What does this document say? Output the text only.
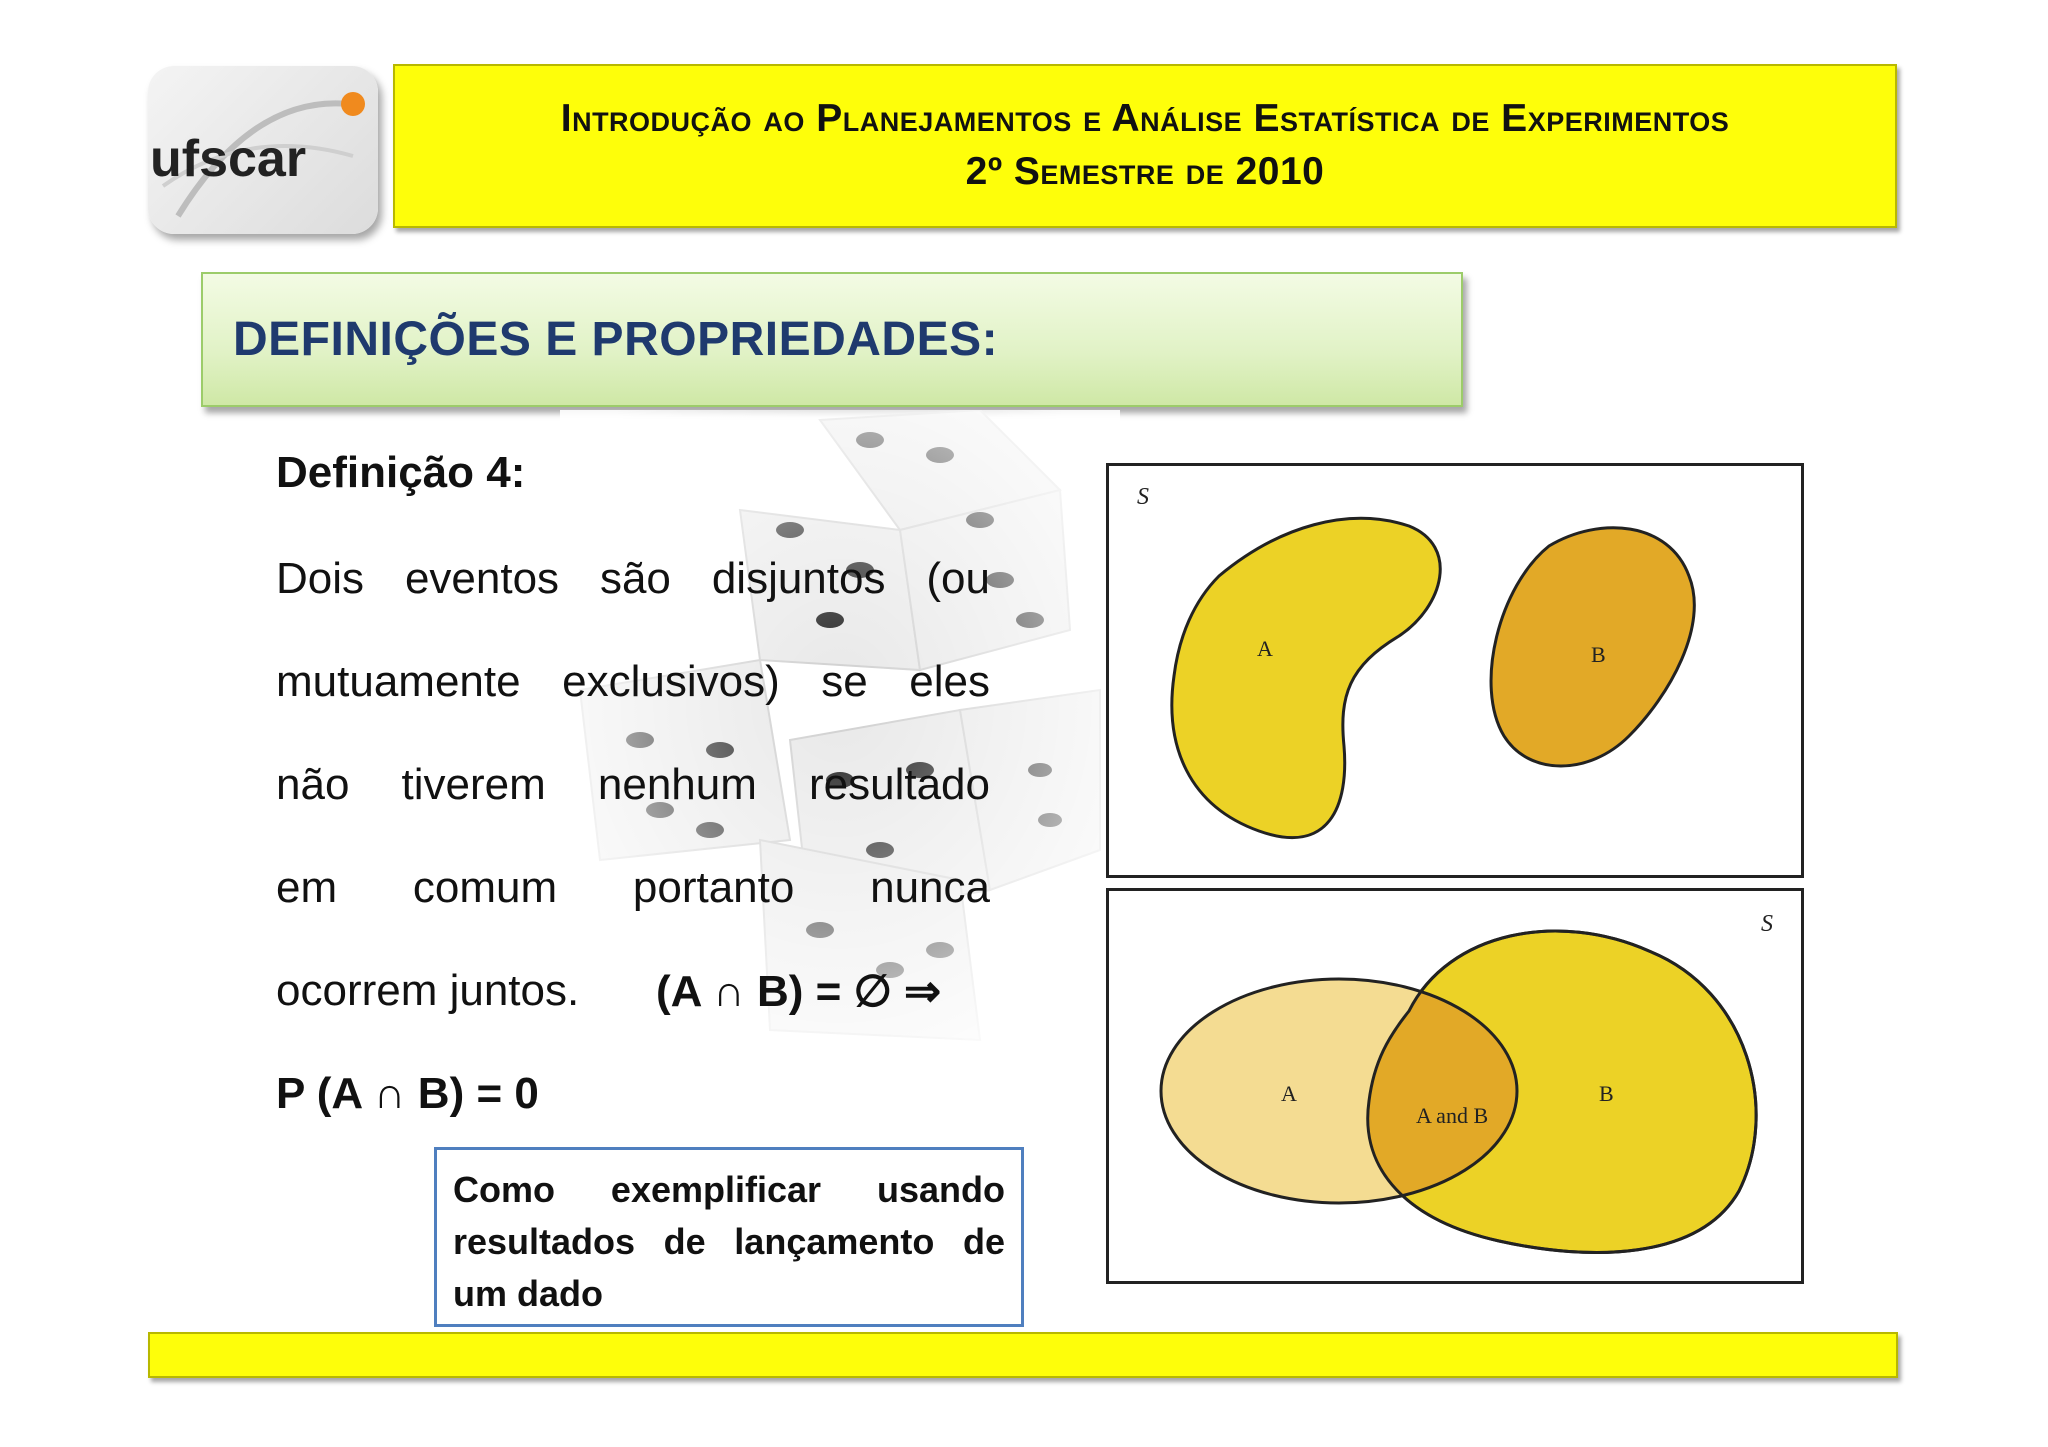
ufscar
Introdução ao Planejamentos e Análise Estatística de Experimentos
2º Semestre de 2010
DEFINIÇÕES E PROPRIEDADES:
Definição 4:
Dois eventos são disjuntos (ou
mutuamente exclusivos) se eles
não tiverem nenhum resultado
em comum portanto nunca
ocorrem juntos. (A ∩ B) = ∅ ⇒
P (A ∩ B) = 0
Como exemplificar usando
resultados de lançamento de
um dado
S
A	B
S
A	B
A and B
